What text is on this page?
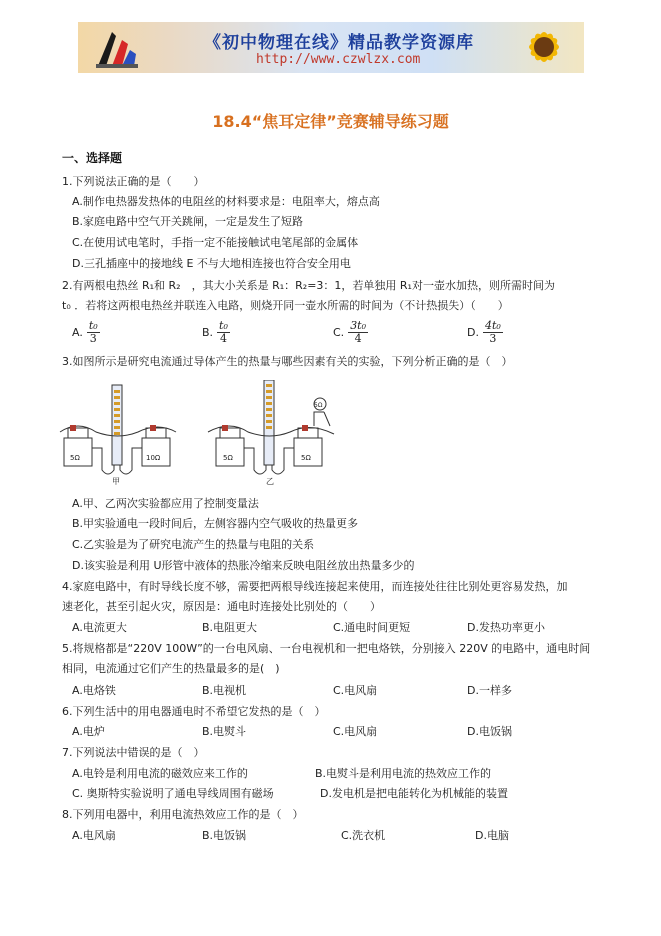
《初中物理在线》精品教学资源库
http://www.czwlzx.com
18.4“焦耳定律”竞赛辅导练习题
一、选择题
1.下列说法正确的是（　　）
A.制作电热器发热体的电阻丝的材料要求是：电阻率大，熔点高
B.家庭电路中空气开关跳闸，一定是发生了短路
C.在使用试电笔时，手指一定不能接触试电笔尾部的金属体
D.三孔插座中的接地线 E 不与大地相连接也符合安全用电
2.有两根电热丝 R₁和 R₂　，其大小关系是 R₁：R₂=3：1，若单独用 R₁对一壶水加热，则所需时间为
t₀ ．若将这两根电热丝并联连入电路，则烧开同一壶水所需的时间为（不计热损失）（　　）
A. $\frac{\text{t₀}}{3}$	B. $\frac{\text{t₀}}{4}$	C. $\frac{\text{3t₀}}{4}$	D. $\frac{\text{4t₀}}{3}$
3.如图所示是研究电流通过导体产生的热量与哪些因素有关的实验，下列分析正确的是（　）
5Ω	10Ω
甲
5Ω	5Ω
5Ω
乙
A.甲、乙两次实验都应用了控制变量法
B.甲实验通电一段时间后，左侧容器内空气吸收的热量更多
C.乙实验是为了研究电流产生的热量与电阻的关系
D.该实验是利用 U形管中液体的热胀冷缩来反映电阻丝放出热量多少的
4.家庭电路中，有时导线长度不够，需要把两根导线连接起来使用，而连接处往往比别处更容易发热，加
速老化，甚至引起火灾，原因是：通电时连接处比别处的（　　）
A.电流更大	B.电阻更大	C.通电时间更短	D.发热功率更小
5.将规格都是“220V 100W”的一台电风扇、一台电视机和一把电烙铁，分别接入 220V 的电路中，通电时间
相同，电流通过它们产生的热量最多的是(　)
A.电烙铁	B.电视机	C.电风扇	D.一样多
6.下列生活中的用电器通电时不希望它发热的是（　）
A.电炉	B.电熨斗	C.电风扇	D.电饭锅
7.下列说法中错误的是（　）
A.电铃是利用电流的磁效应来工作的	B.电熨斗是利用电流的热效应工作的
C. 奥斯特实验说明了通电导线周围有磁场	D.发电机是把电能转化为机械能的装置
8.下列用电器中，利用电流热效应工作的是（　）
A.电风扇	B.电饭锅	C.洗衣机	D.电脑
